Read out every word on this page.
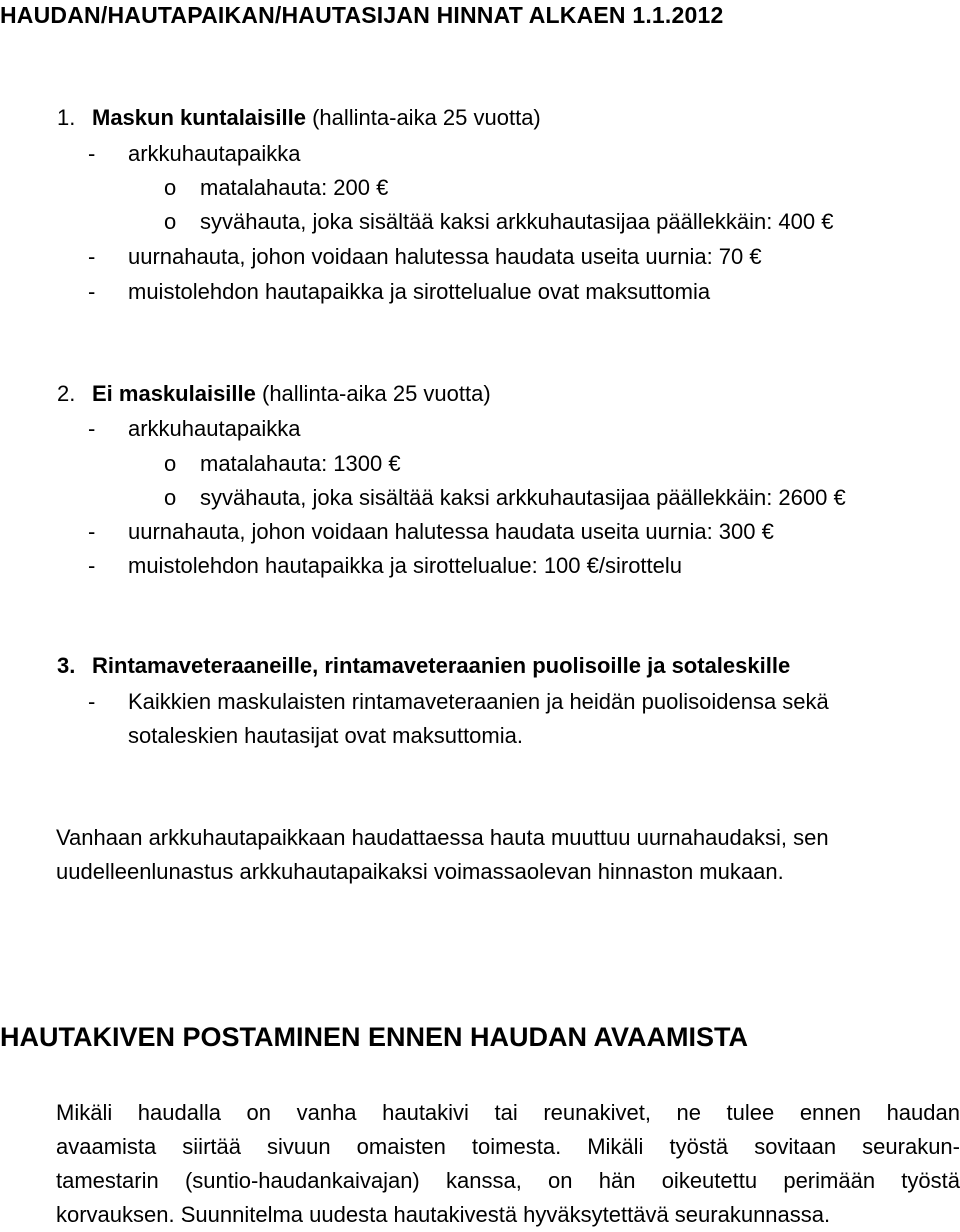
HAUDAN/HAUTAPAIKAN/HAUTASIJAN HINNAT ALKAEN 1.1.2012
1. Maskun kuntalaisille (hallinta-aika 25 vuotta)
- arkkuhautapaikka
o matalahauta: 200 €
o syvähauta, joka sisältää kaksi arkkuhautasijaa päällekkäin: 400 €
- uurnahauta, johon voidaan halutessa haudata useita uurnia: 70 €
- muistolehdon hautapaikka ja sirottelualue ovat maksuttomia
2. Ei maskulaisille (hallinta-aika 25 vuotta)
- arkkuhautapaikka
o matalahauta: 1300 €
o syvähauta, joka sisältää kaksi arkkuhautasijaa päällekkäin: 2600 €
- uurnahauta, johon voidaan halutessa haudata useita uurnia: 300 €
- muistolehdon hautapaikka ja sirottelualue: 100 €/sirottelu
3. Rintamaveteraaneille, rintamaveteraanien puolisoille ja sotaleskille
- Kaikkien maskulaisten rintamaveteraanien ja heidän puolisoidensa sekä
sotaleskien hautasijat ovat maksuttomia.
Vanhaan arkkuhautapaikkaan haudattaessa hauta muuttuu uurnahaudaksi, sen
uudelleenlunastus arkkuhautapaikaksi voimassaolevan hinnaston mukaan.
HAUTAKIVEN POSTAMINEN ENNEN HAUDAN AVAAMISTA
Mikäli haudalla on vanha hautakivi tai reunakivet, ne tulee ennen haudan
avaamista siirtää sivuun omaisten toimesta. Mikäli työstä sovitaan seurakun-
tamestarin (suntio-haudankaivajan) kanssa, on hän oikeutettu perimään työstä
korvauksen. Suunnitelma uudesta hautakivestä hyväksytettävä seurakunnassa.
